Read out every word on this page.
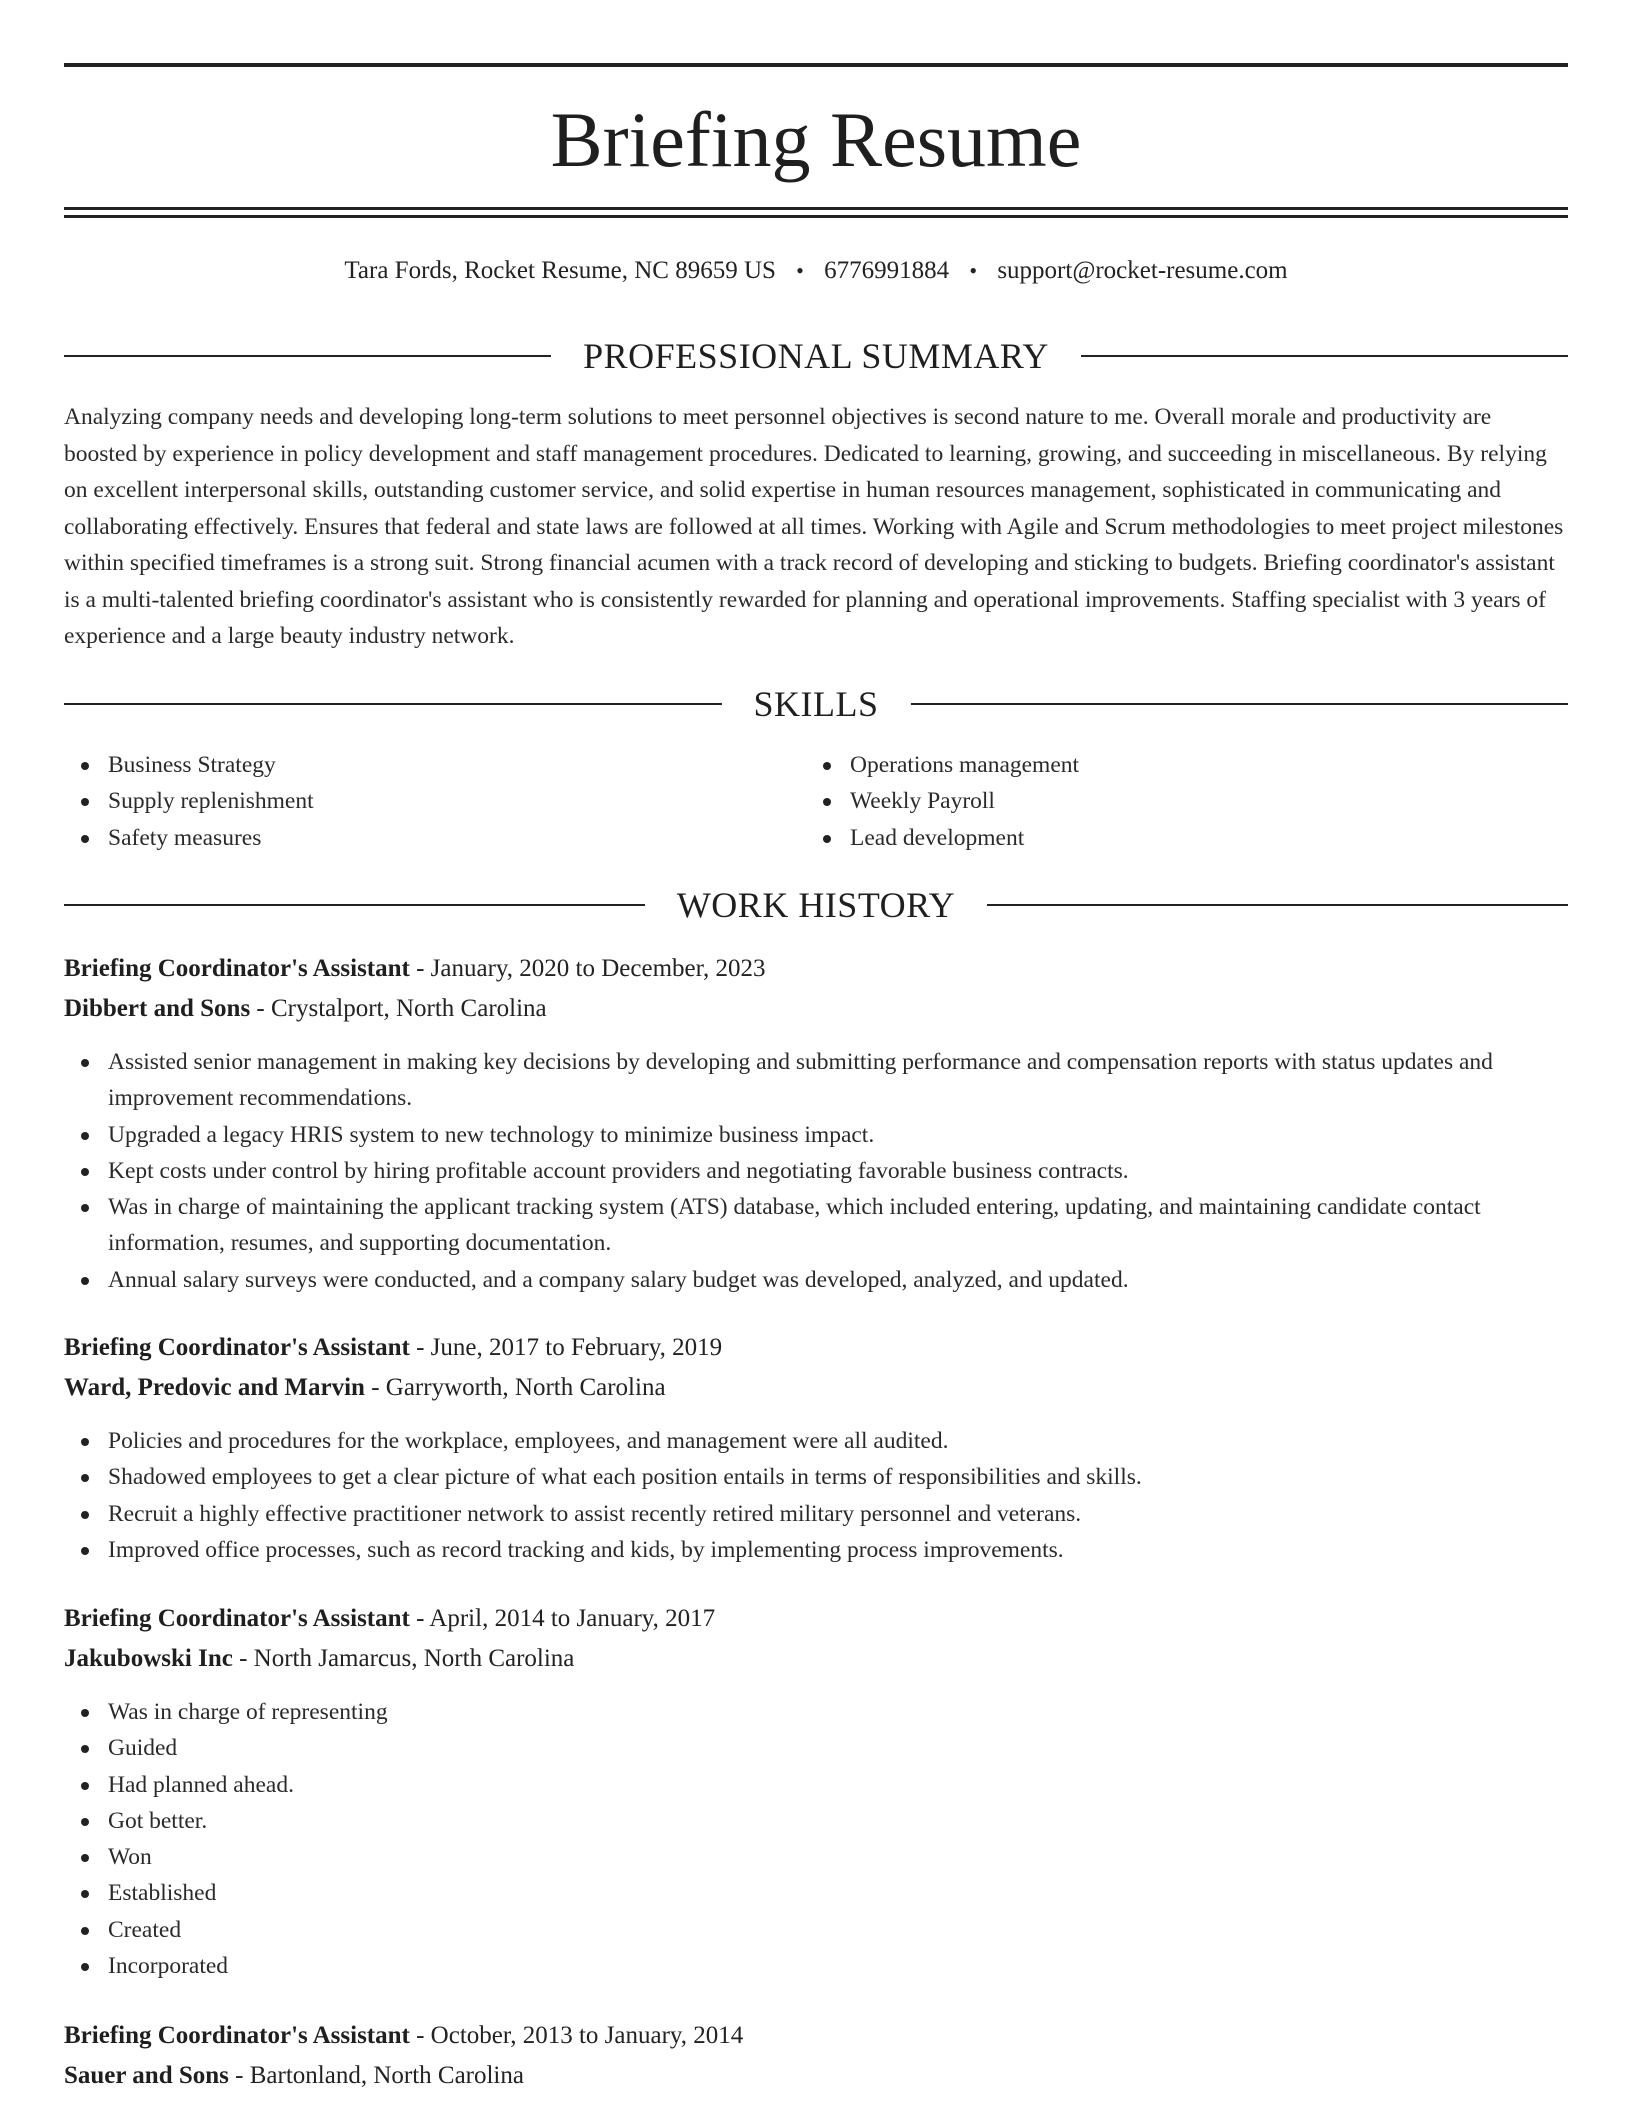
Briefing Resume
Tara Fords, Rocket Resume, NC 89659 US • 6776991884 • support@rocket-resume.com
PROFESSIONAL SUMMARY

Analyzing company needs and developing long-term solutions to meet personnel objectives is second nature to me. Overall morale and productivity are boosted by experience in policy development and staff management procedures. Dedicated to learning, growing, and succeeding in miscellaneous. By relying on excellent interpersonal skills, outstanding customer service, and solid expertise in human resources management, sophisticated in communicating and collaborating effectively. Ensures that federal and state laws are followed at all times. Working with Agile and Scrum methodologies to meet project milestones within specified timeframes is a strong suit. Strong financial acumen with a track record of developing and sticking to budgets. Briefing coordinator's assistant is a multi-talented briefing coordinator's assistant who is consistently rewarded for planning and operational improvements. Staffing specialist with 3 years of experience and a large beauty industry network.

SKILLS
Business Strategy
Supply replenishment
Safety measures
Operations management
Weekly Payroll
Lead development
WORK HISTORY
Briefing Coordinator's Assistant - January, 2020 to December, 2023
Dibbert and Sons - Crystalport, North Carolina
Assisted senior management in making key decisions by developing and submitting performance and compensation reports with status updates and improvement recommendations.
Upgraded a legacy HRIS system to new technology to minimize business impact.
Kept costs under control by hiring profitable account providers and negotiating favorable business contracts.
Was in charge of maintaining the applicant tracking system (ATS) database, which included entering, updating, and maintaining candidate contact information, resumes, and supporting documentation.
Annual salary surveys were conducted, and a company salary budget was developed, analyzed, and updated.
Briefing Coordinator's Assistant - June, 2017 to February, 2019
Ward, Predovic and Marvin - Garryworth, North Carolina
Policies and procedures for the workplace, employees, and management were all audited.
Shadowed employees to get a clear picture of what each position entails in terms of responsibilities and skills.
Recruit a highly effective practitioner network to assist recently retired military personnel and veterans.
Improved office processes, such as record tracking and kids, by implementing process improvements.
Briefing Coordinator's Assistant - April, 2014 to January, 2017
Jakubowski Inc - North Jamarcus, North Carolina
Was in charge of representing
Guided
Had planned ahead.
Got better.
Won
Established
Created
Incorporated
Briefing Coordinator's Assistant - October, 2013 to January, 2014
Sauer and Sons - Bartonland, North Carolina
